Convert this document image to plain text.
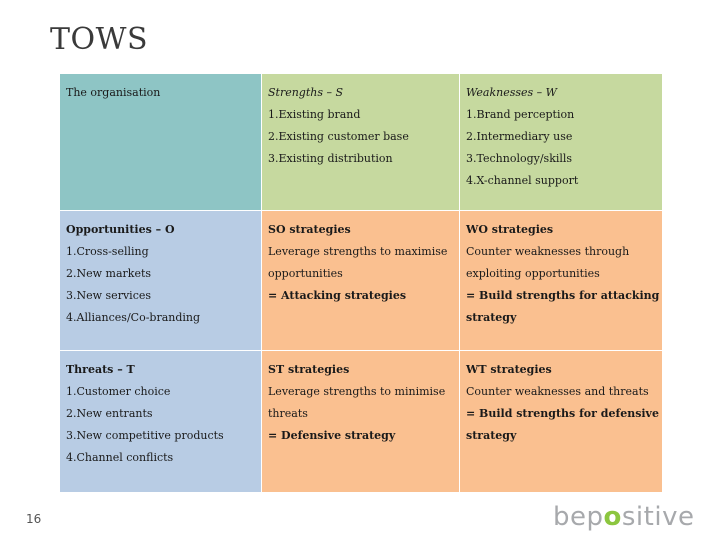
TOWS
The organisation	Strengths – S
1.Existing brand
2.Existing customer base
3.Existing distribution
Weaknesses – W
1.Brand perception
2.Intermediary use
3.Technology/skills
4.X-channel support
Opportunities – O
1.Cross-selling
2.New markets
3.New services
4.Alliances/Co-branding
SO strategies
Leverage strengths to maximise
opportunities
= Attacking strategies
WO strategies
Counter weaknesses through
exploiting opportunities
= Build strengths for attacking
strategy
Threats – T
1.Customer choice
2.New entrants
3.New competitive products
4.Channel conflicts
ST strategies
Leverage strengths to minimise
threats
= Defensive strategy
WT strategies
Counter weaknesses and threats
= Build strengths for defensive
strategy
16	bepositive
